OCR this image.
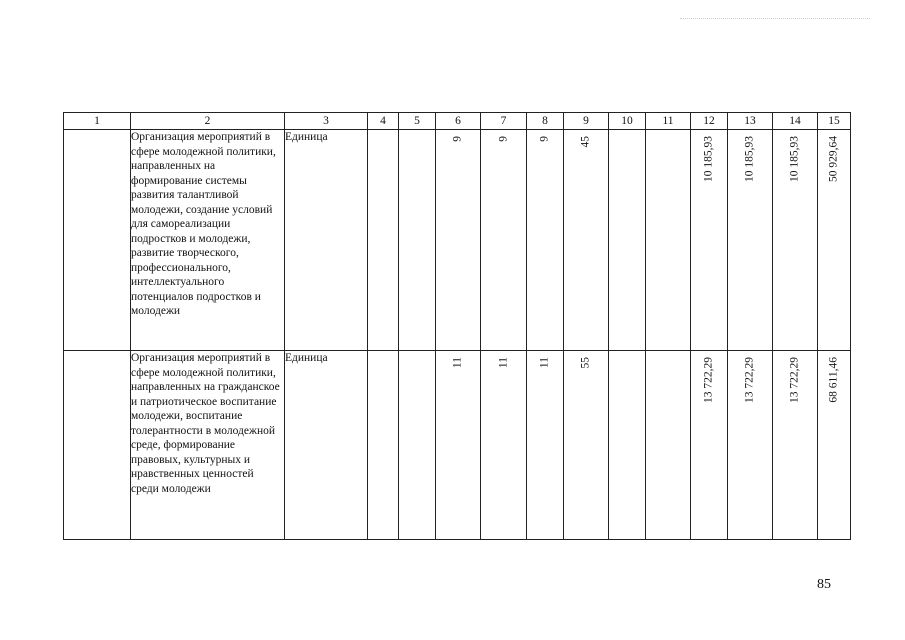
1	2	3	4	5	6	7	8	9	10	11	12	13	14	15
	Организация мероприятий в сфере молодежной политики, направленных на формирование системы развития талантливой молодежи, создание условий для самореализации подростков и молодежи, развитие творческого, профессионального, интеллектуального потенциалов подростков и молодежи	Единица			9	9	9	45			10 185,93	10 185,93	10 185,93	50 929,64

	Организация мероприятий в сфере молодежной политики, направленных на гражданское и патриотическое воспитание молодежи, воспитание толерантности в молодежной среде, формирование правовых, культурных и нравственных ценностей среди молодежи	Единица			11	11	11	55			13 722,29	13 722,29	13 722,29	68 611,46
85
